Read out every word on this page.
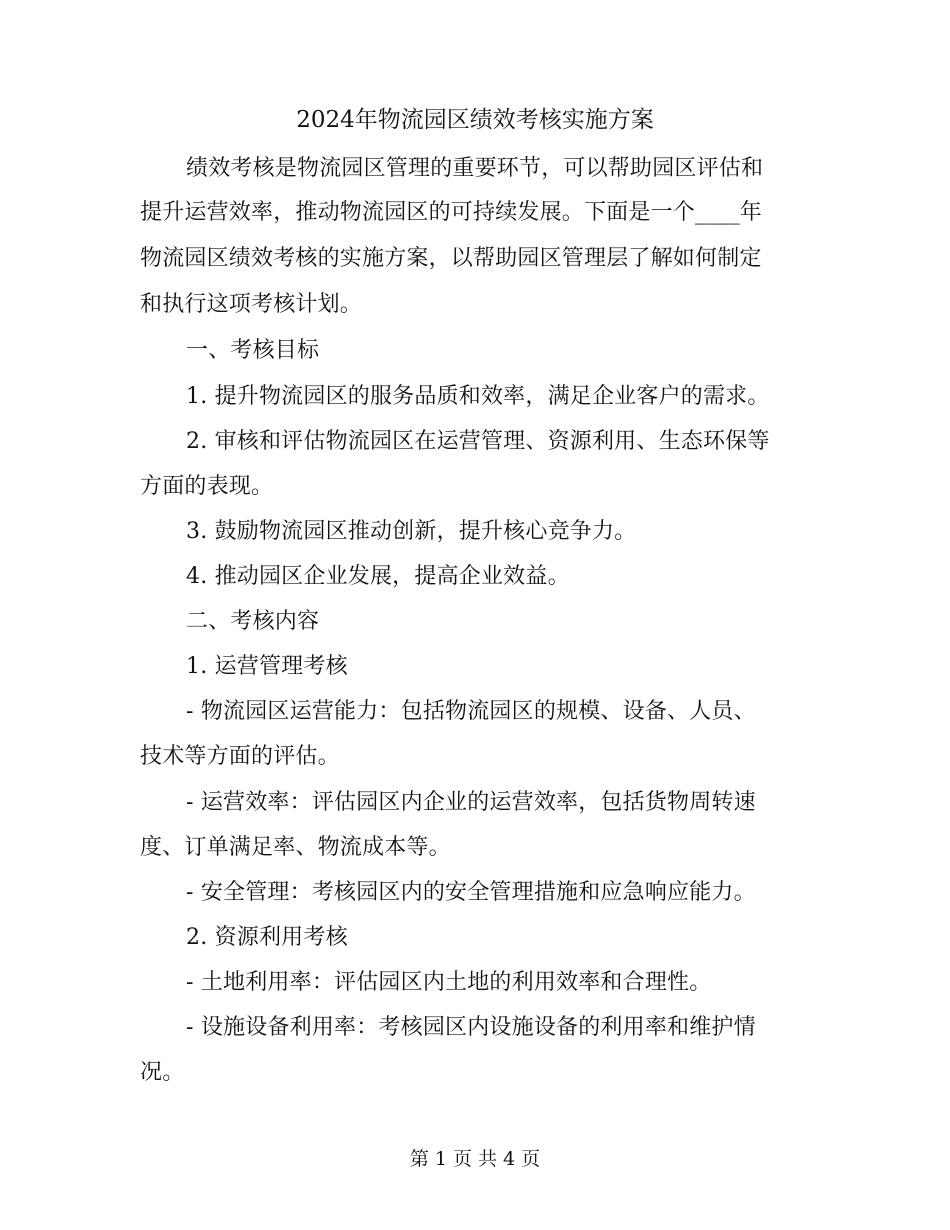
2024年物流园区绩效考核实施方案
绩效考核是物流园区管理的重要环节，可以帮助园区评估和
提升运营效率，推动物流园区的可持续发展。下面是一个____年
物流园区绩效考核的实施方案，以帮助园区管理层了解如何制定
和执行这项考核计划。
一、考核目标
1. 提升物流园区的服务品质和效率，满足企业客户的需求。
2. 审核和评估物流园区在运营管理、资源利用、生态环保等
方面的表现。
3. 鼓励物流园区推动创新，提升核心竞争力。
4. 推动园区企业发展，提高企业效益。
二、考核内容
1. 运营管理考核
- 物流园区运营能力：包括物流园区的规模、设备、人员、
技术等方面的评估。
- 运营效率：评估园区内企业的运营效率，包括货物周转速
度、订单满足率、物流成本等。
- 安全管理：考核园区内的安全管理措施和应急响应能力。
2. 资源利用考核
- 土地利用率：评估园区内土地的利用效率和合理性。
- 设施设备利用率：考核园区内设施设备的利用率和维护情
况。
第 1 页 共 4 页
